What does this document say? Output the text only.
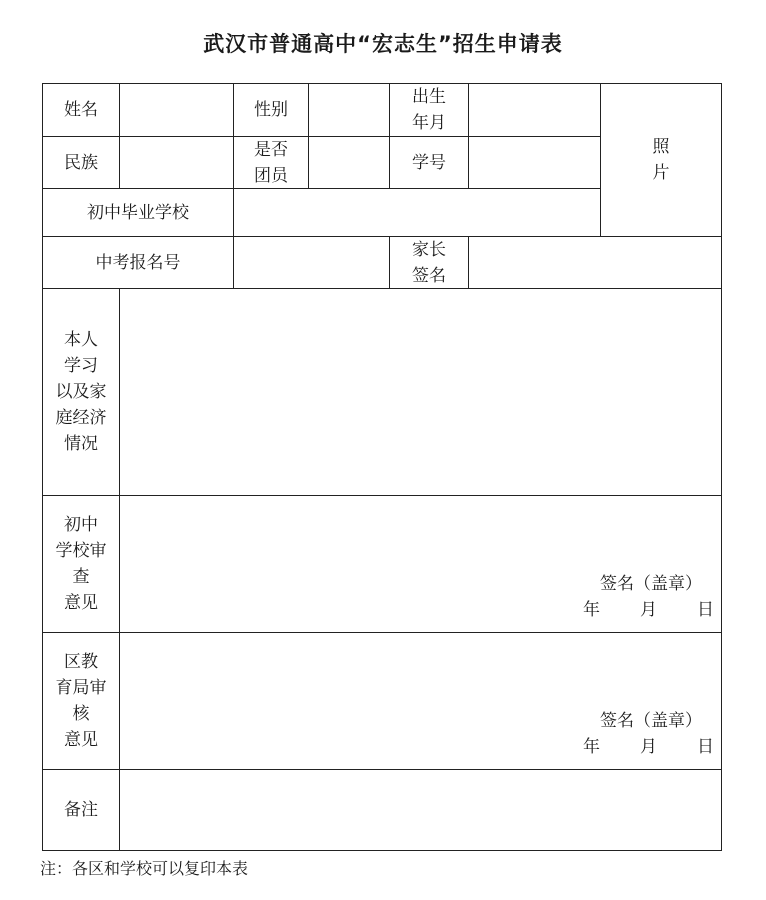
武汉市普通高中“宏志生”招生申请表
姓名	性别
出生
年月
照
片
民族
是否
团员
学号
初中毕业学校
中考报名号
家长
签名
本人
学习
以及家
庭经济
情况
初中
学校审
查
意见
签名（盖章）
年 月 日
区教
育局审
核
意见
签名（盖章）
年 月 日
备注
注：各区和学校可以复印本表
